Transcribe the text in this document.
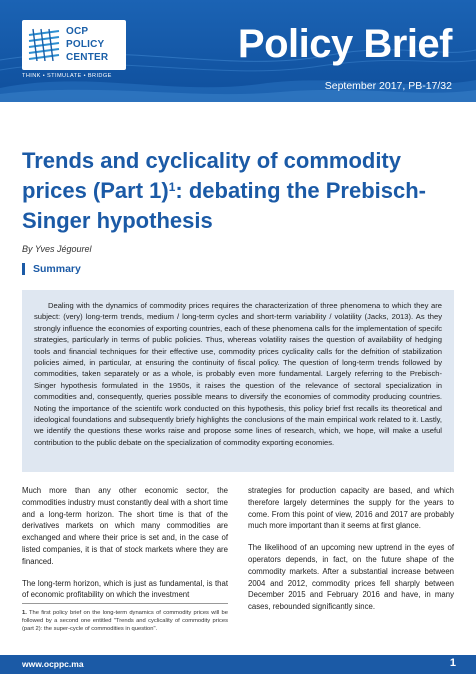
OCP
POLICY
CENTER
THINK • STIMULATE • BRIDGE
Policy Brief
September 2017, PB-17/32
Trends and cyclicality of commodity prices (Part 1)$^1$: debating the Prebisch-Singer hypothesis
By Yves Jégourel
Summary

Dealing with the dynamics of commodity prices requires the characterization of three phenomena to which they are subject: (very) long-term trends, medium / long-term cycles and short-term variability / volatility (Jacks, 2013). As they strongly influence the economies of exporting countries, each of these phenomena calls for the implementation of specifc strategies, particularly in terms of public policies. Thus, whereas volatility raises the question of availability of hedging tools and financial techniques for their effective use, commodity prices cyclicality calls for the defnition of stabilization policies aimed, in particular, at ensuring the continuity of fiscal policy. The question of long-term trends followed by commodities, taken separately or as a whole, is probably even more fundamental. Largely referring to the Prebisch-Singer hypothesis formulated in the 1950s, it raises the question of the relevance of sectoral specialization in commodities and, consequently, queries possible means to diversify the economies of commodity producing countries. Noting the importance of the scientifc work conducted on this hypothesis, this policy brief frst recalls its theoretical and ideological foundations and subsequently briefy highlights the conclusions of the main empirical work related to it. Lastly, we identify the questions these works raise and propose some lines of research, which, we hope, will make a useful contribution to the public debate on the specialization of commodity exporting economies.

Much more than any other economic sector, the commodities industry must constantly deal with a short time and a long-term horizon. The short time is that of the derivatives markets on which many commodities are exchanged and where their price is set and, in the case of listed companies, it is that of stock markets where they are financed.

The long-term horizon, which is just as fundamental, is that of economic profitability on which the investment

strategies for production capacity are based, and which therefore largely determines the supply for the years to come. From this point of view, 2016 and 2017 are probably much more important than it seems at first glance.

The likelihood of an upcoming new uptrend in the eyes of operators depends, in fact, on the future shape of the commodity markets. After a substantial increase between 2004 and 2012, commodity prices fell sharply between December 2015 and February 2016 and have, in many cases, rebounded significantly since.

1. The first policy brief on the long-term dynamics of commodity prices will be followed by a second one entitled "Trends and cyclicality of commodity prices (part 2): the super-cycle of commodities in question".
www.ocppc.ma	1
